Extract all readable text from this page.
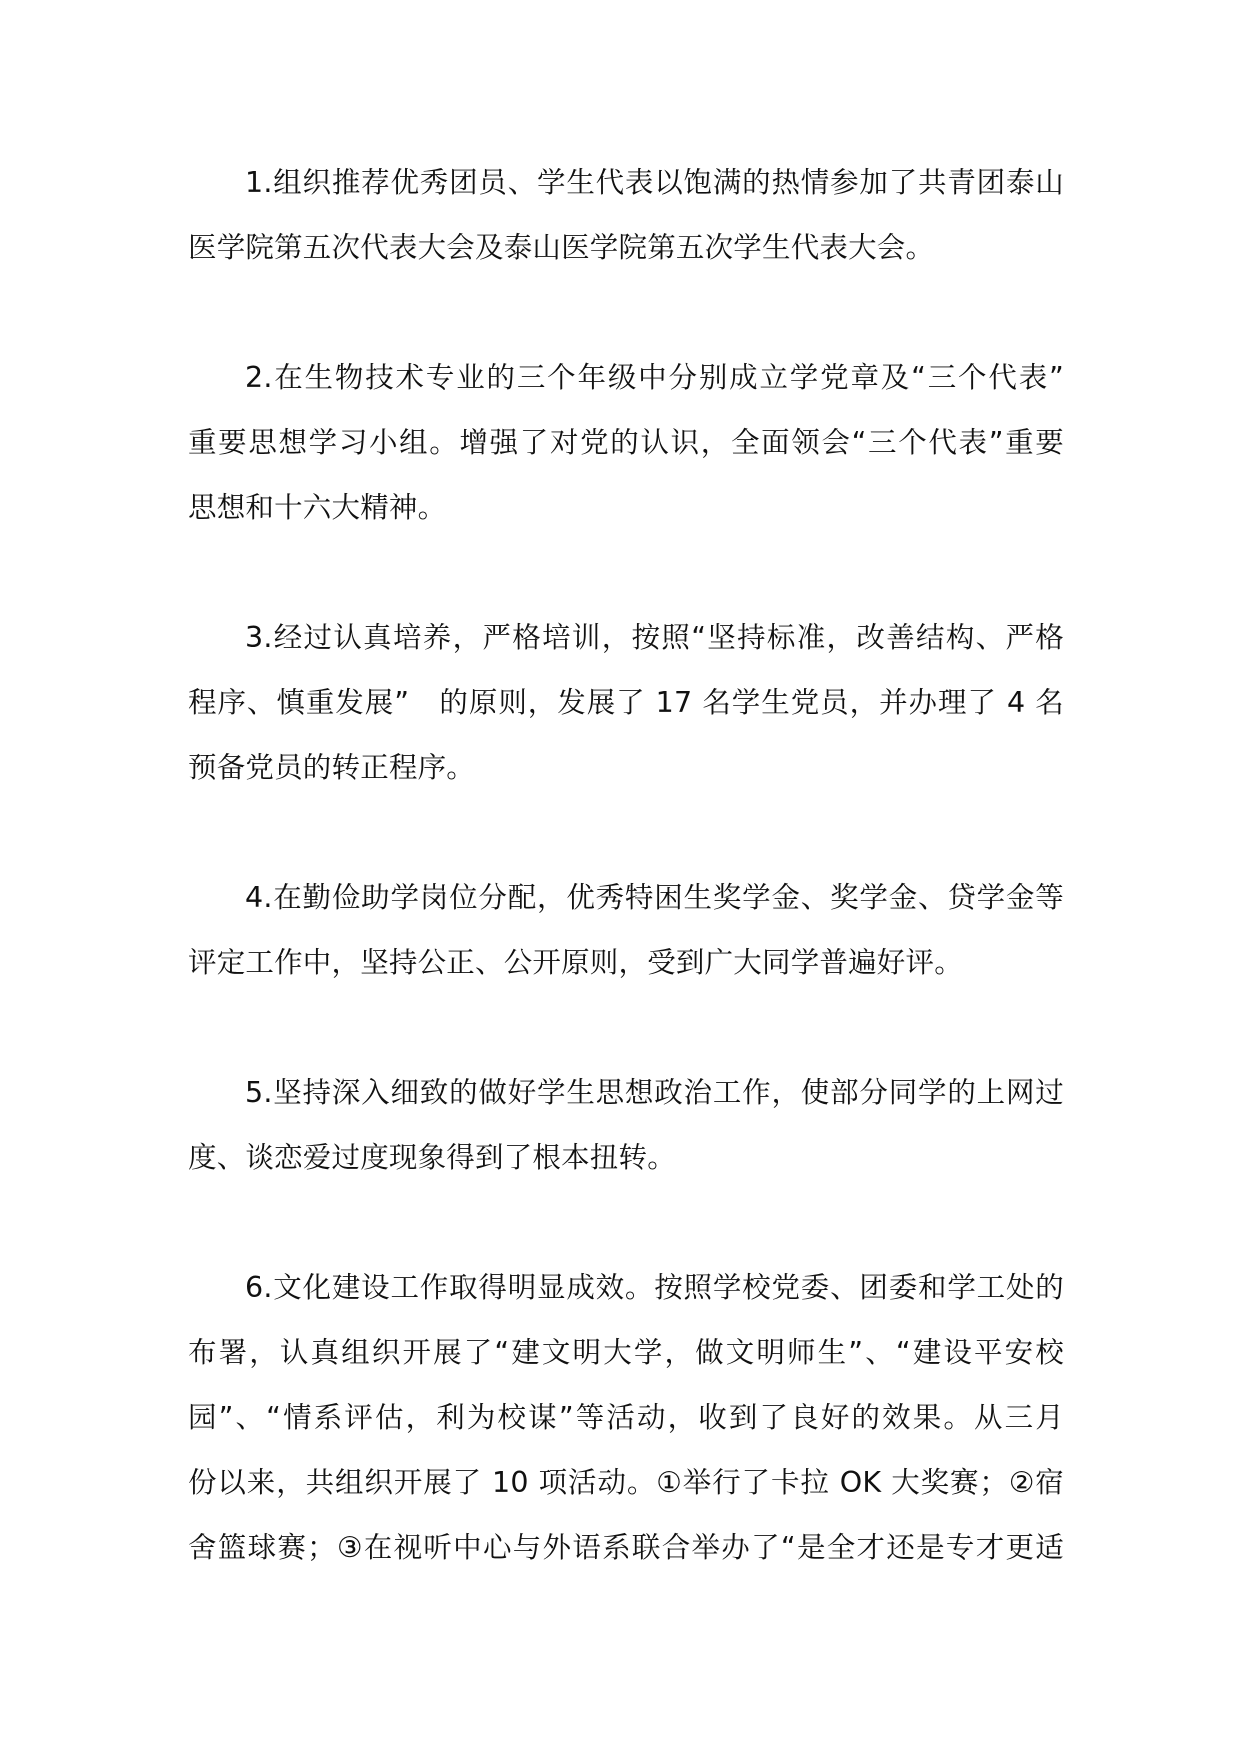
1.组织推荐优秀团员、学生代表以饱满的热情参加了共青团泰山
医学院第五次代表大会及泰山医学院第五次学生代表大会。

2.在生物技术专业的三个年级中分别成立学党章及“三个代表”
重要思想学习小组。增强了对党的认识，全面领会“三个代表”重要
思想和十六大精神。

3.经过认真培养，严格培训，按照“坚持标准，改善结构、严格
程序、慎重发展”　的原则，发展了 17 名学生党员，并办理了 4 名
预备党员的转正程序。

4.在勤俭助学岗位分配，优秀特困生奖学金、奖学金、贷学金等
评定工作中，坚持公正、公开原则，受到广大同学普遍好评。

5.坚持深入细致的做好学生思想政治工作，使部分同学的上网过
度、谈恋爱过度现象得到了根本扭转。

6.文化建设工作取得明显成效。按照学校党委、团委和学工处的
布署，认真组织开展了“建文明大学，做文明师生”、“建设平安校
园”、“情系评估，利为校谋”等活动，收到了良好的效果。从三月
份以来，共组织开展了 10 项活动。①举行了卡拉 OK 大奖赛；②宿
舍篮球赛；③在视听中心与外语系联合举办了“是全才还是专才更适
